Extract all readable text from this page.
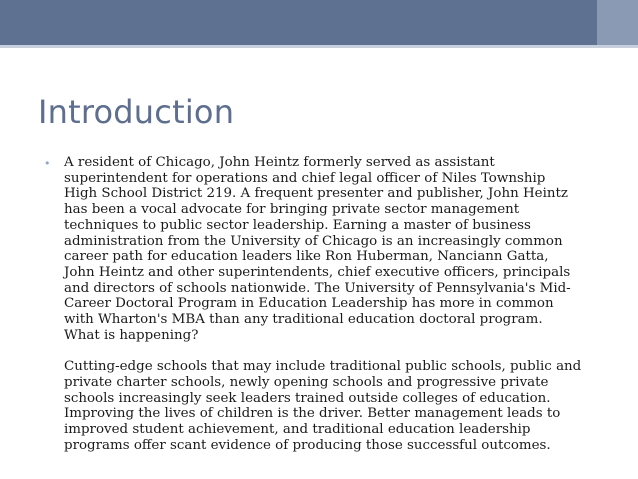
Introduction
•	A resident of Chicago, John Heintz formerly served as assistant
superintendent for operations and chief legal officer of Niles Township
High School District 219. A frequent presenter and publisher, John Heintz
has been a vocal advocate for bringing private sector management
techniques to public sector leadership. Earning a master of business
administration from the University of Chicago is an increasingly common
career path for education leaders like Ron Huberman, Nanciann Gatta,
John Heintz and other superintendents, chief executive officers, principals
and directors of schools nationwide. The University of Pennsylvania's Mid-
Career Doctoral Program in Education Leadership has more in common
with Wharton's MBA than any traditional education doctoral program.
What is happening?

Cutting-edge schools that may include traditional public schools, public and
private charter schools, newly opening schools and progressive private
schools increasingly seek leaders trained outside colleges of education.
Improving the lives of children is the driver. Better management leads to
improved student achievement, and traditional education leadership
programs offer scant evidence of producing those successful outcomes.
